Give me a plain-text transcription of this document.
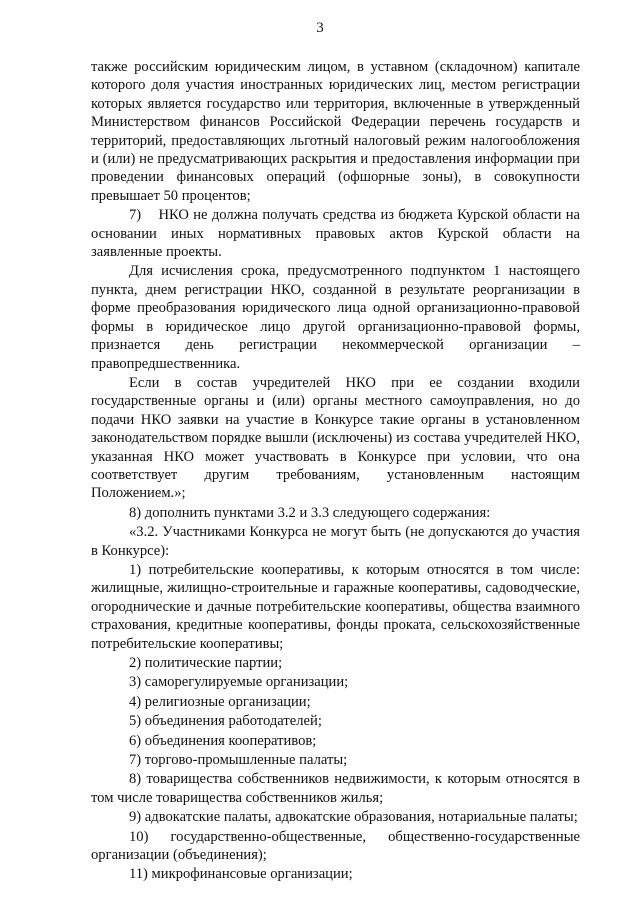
3

также российским юридическим лицом, в уставном (складочном) капитале которого доля участия иностранных юридических лиц, местом регистрации которых является государство или территория, включенные в утвержденный Министерством финансов Российской Федерации перечень государств и территорий, предоставляющих льготный налоговый режим налогообложения и (или) не предусматривающих раскрытия и предоставления информации при проведении финансовых операций (офшорные зоны), в совокупности превышает 50 процентов;

7)    НКО не должна получать средства из бюджета Курской области на основании иных нормативных правовых актов Курской области на заявленные проекты.

Для исчисления срока, предусмотренного подпунктом 1 настоящего пункта, днем регистрации НКО, созданной в результате реорганизации в форме преобразования юридического лица одной организационно-правовой формы в юридическое лицо другой организационно-правовой формы, признается день регистрации некоммерческой организации – правопредшественника.

Если в состав учредителей НКО при ее создании входили государственные органы и (или) органы местного самоуправления, но до подачи НКО заявки на участие в Конкурсе такие органы в установленном законодательством порядке вышли (исключены) из состава учредителей НКО, указанная НКО может участвовать в Конкурсе при условии, что она соответствует другим требованиям, установленным настоящим Положением.»;

8) дополнить пунктами 3.2 и 3.3 следующего содержания:

«3.2. Участниками Конкурса не могут быть (не допускаются до участия в Конкурсе):

1) потребительские кооперативы, к которым относятся в том числе: жилищные, жилищно-строительные и гаражные кооперативы, садоводческие, огороднические и дачные потребительские кооперативы, общества взаимного страхования, кредитные кооперативы, фонды проката, сельскохозяйственные потребительские кооперативы;

2) политические партии;

3) саморегулируемые организации;

4) религиозные организации;

5) объединения работодателей;

6) объединения кооперативов;

7) торгово-промышленные палаты;

8) товарищества собственников недвижимости, к которым относятся в том числе товарищества собственников жилья;

9) адвокатские палаты, адвокатские образования, нотариальные палаты;

10) государственно-общественные, общественно-государственные организации (объединения);

11) микрофинансовые организации;
